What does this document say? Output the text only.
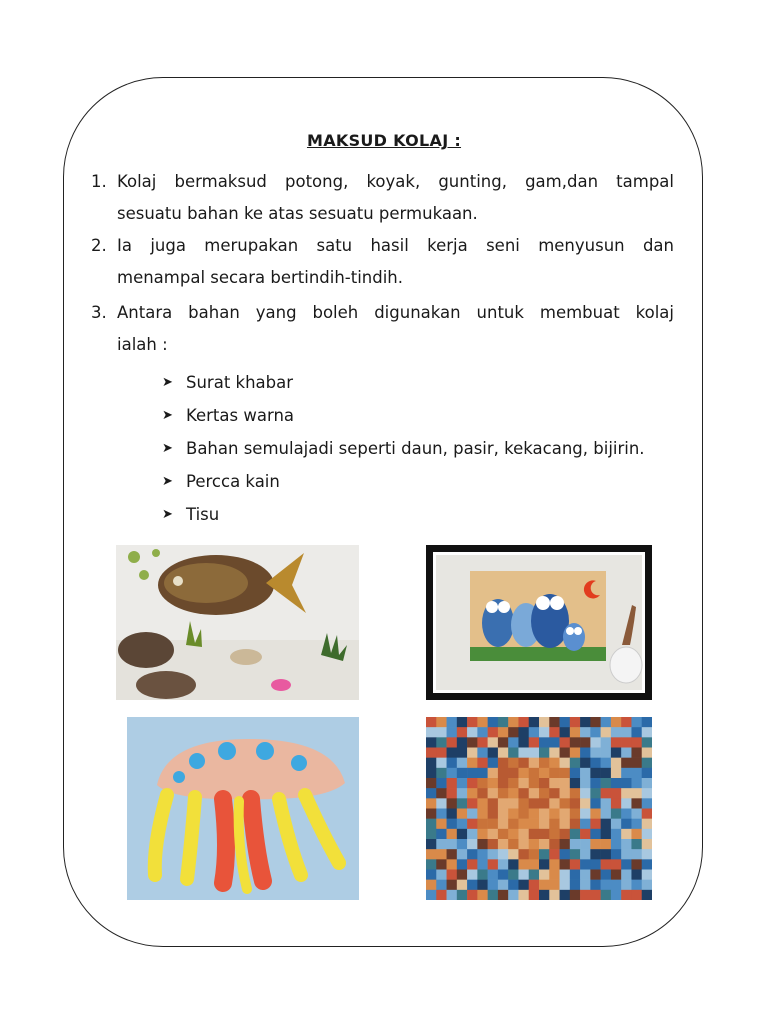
MAKSUD KOLAJ :
1. Kolaj bermaksud potong, koyak, gunting, gam,dan tampal
sesuatu bahan ke atas sesuatu permukaan.
2. Ia juga merupakan satu hasil kerja seni menyusun dan
menampal secara bertindih-tindih.
3. Antara bahan yang boleh digunakan untuk membuat kolaj
ialah :
➤ Surat khabar
➤ Kertas warna
➤ Bahan semulajadi seperti daun, pasir, kekacang, bijirin.
➤ Percca kain
➤ Tisu
